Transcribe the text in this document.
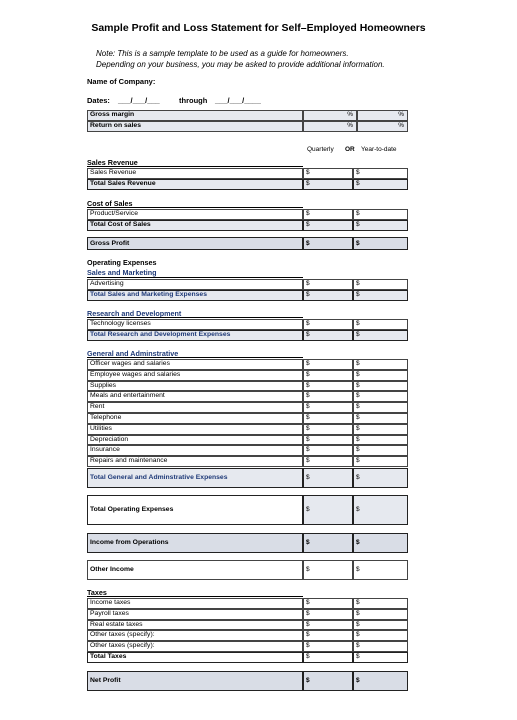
Sample Profit and Loss Statement for Self–Employed Homeowners
Note: This is a sample template to be used as a guide for homeowners.
Depending on your business, you may be asked to provide additional information.
Name of Company:
Dates: ___/___/___	through ___/___/____
Gross margin	%	%
Return on sales	%	%
Quarterly OR Year-to-date
Sales Revenue
Sales Revenue	$	$
Total Sales Revenue	$	$
Cost of Sales
Product/Service	$	$
Total Cost of Sales	$	$
Gross Profit	$	$
Operating Expenses
Sales and Marketing
Advertising	$	$
Total Sales and Marketing Expenses	$	$
Research and Development
Technology licenses	$	$
Total Research and Development Expenses	$	$
General and Adminstrative
Officer wages and salaries	$	$
Employee wages and salaries	$	$
Supplies	$	$
Meals and entertainment	$	$
Rent	$	$
Telephone	$	$
Utilities	$	$
Depreciation	$	$
Insurance	$	$
Repairs and maintenance	$	$
Total General and Adminstrative Expenses	$	$
Total Operating Expenses	$	$
Income from Operations	$	$
Other Income	$	$
Taxes
Income taxes	$	$
Payroll taxes	$	$
Real estate taxes	$	$
Other taxes (specify):	$	$
Other taxes (specify):	$	$
Total Taxes	$	$
Net Profit	$	$
